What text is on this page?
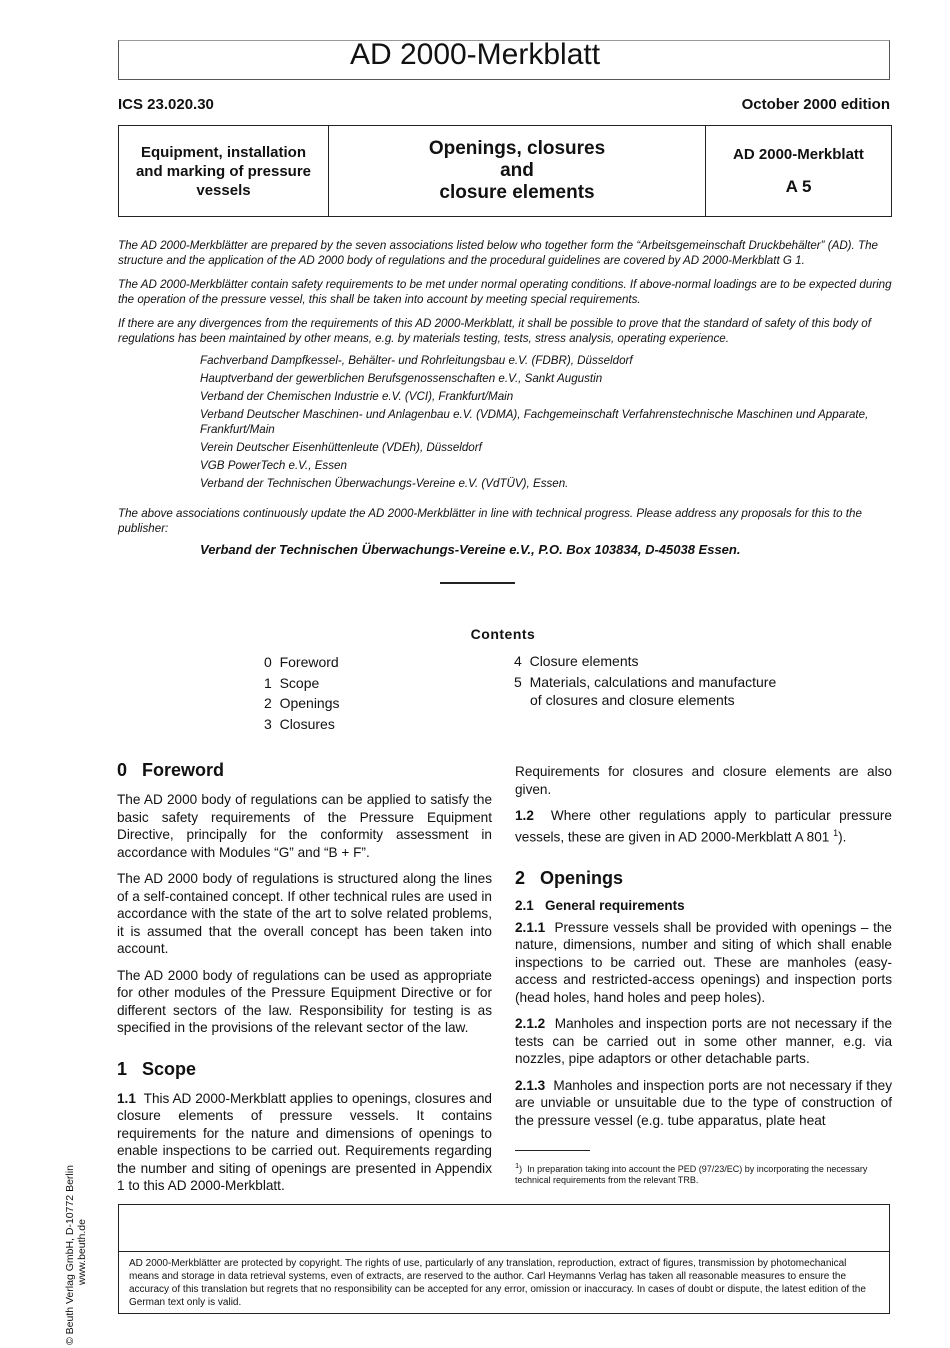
AD 2000-Merkblatt
ICS 23.020.30	October 2000 edition
Equipment, installation
and marking of pressure
vessels
Openings, closures
and
closure elements
AD 2000-Merkblatt
A 5
The AD 2000-Merkblätter are prepared by the seven associations listed below who together form the “Arbeitsgemeinschaft Druckbehälter” (AD). The structure and the application of the AD 2000 body of regulations and the procedural guidelines are covered by AD 2000-Merkblatt G 1.
The AD 2000-Merkblätter contain safety requirements to be met under normal operating conditions. If above-normal loadings are to be expected during the operation of the pressure vessel, this shall be taken into account by meeting special requirements.
If there are any divergences from the requirements of this AD 2000-Merkblatt, it shall be possible to prove that the standard of safety of this body of regulations has been maintained by other means, e.g. by materials testing, tests, stress analysis, operating experience.
Fachverband Dampfkessel-, Behälter- und Rohrleitungsbau e.V. (FDBR), Düsseldorf
Hauptverband der gewerblichen Berufsgenossenschaften e.V., Sankt Augustin
Verband der Chemischen Industrie e.V. (VCI), Frankfurt/Main
Verband Deutscher Maschinen- und Anlagenbau e.V. (VDMA), Fachgemeinschaft Verfahrenstechnische Maschinen und Apparate, Frankfurt/Main
Verein Deutscher Eisenhüttenleute (VDEh), Düsseldorf
VGB PowerTech e.V., Essen
Verband der Technischen Überwachungs-Vereine e.V. (VdTÜV), Essen.
The above associations continuously update the AD 2000-Merkblätter in line with technical progress. Please address any proposals for this to the publisher:
Verband der Technischen Überwachungs-Vereine e.V., P.O. Box 103834, D-45038 Essen.
Contents
0 Foreword
1 Scope
2 Openings
3 Closures
4 Closure elements
5 Materials, calculations and manufacture
of closures and closure elements
0 Foreword
The AD 2000 body of regulations can be applied to satisfy the basic safety requirements of the Pressure Equipment Directive, principally for the conformity assessment in accordance with Modules “G” and “B + F”.
The AD 2000 body of regulations is structured along the lines of a self-contained concept. If other technical rules are used in accordance with the state of the art to solve related problems, it is assumed that the overall concept has been taken into account.
The AD 2000 body of regulations can be used as appropriate for other modules of the Pressure Equipment Directive or for different sectors of the law. Responsibility for testing is as specified in the provisions of the relevant sector of the law.
1 Scope
1.1 This AD 2000-Merkblatt applies to openings, closures and closure elements of pressure vessels. It contains requirements for the nature and dimensions of openings to enable inspections to be carried out. Requirements regarding the number and siting of openings are presented in Appendix 1 to this AD 2000-Merkblatt.
Requirements for closures and closure elements are also given.
1.2 Where other regulations apply to particular pressure vessels, these are given in AD 2000-Merkblatt A 801 $^1$).
2 Openings
2.1 General requirements
2.1.1 Pressure vessels shall be provided with openings – the nature, dimensions, number and siting of which shall enable inspections to be carried out. These are manholes (easy-access and restricted-access openings) and inspection ports (head holes, hand holes and peep holes).
2.1.2 Manholes and inspection ports are not necessary if the tests can be carried out in some other manner, e.g. via nozzles, pipe adaptors or other detachable parts.
2.1.3 Manholes and inspection ports are not necessary if they are unviable or unsuitable due to the type of construction of the pressure vessel (e.g. tube apparatus, plate heat
$^1$)  In preparation taking into account the PED (97/23/EC) by incorporating the necessary technical requirements from the relevant TRB.
AD 2000-Merkblätter are protected by copyright. The rights of use, particularly of any translation, reproduction, extract of figures, transmission by photomechanical means and storage in data retrieval systems, even of extracts, are reserved to the author. Carl Heymanns Verlag has taken all reasonable measures to ensure the accuracy of this translation but regrets that no responsibility can be accepted for any error, omission or inaccuracy. In cases of doubt or dispute, the latest edition of the German text only is valid.
© Beuth Verlag GmbH, D-10772 Berlin www.beuth.de
